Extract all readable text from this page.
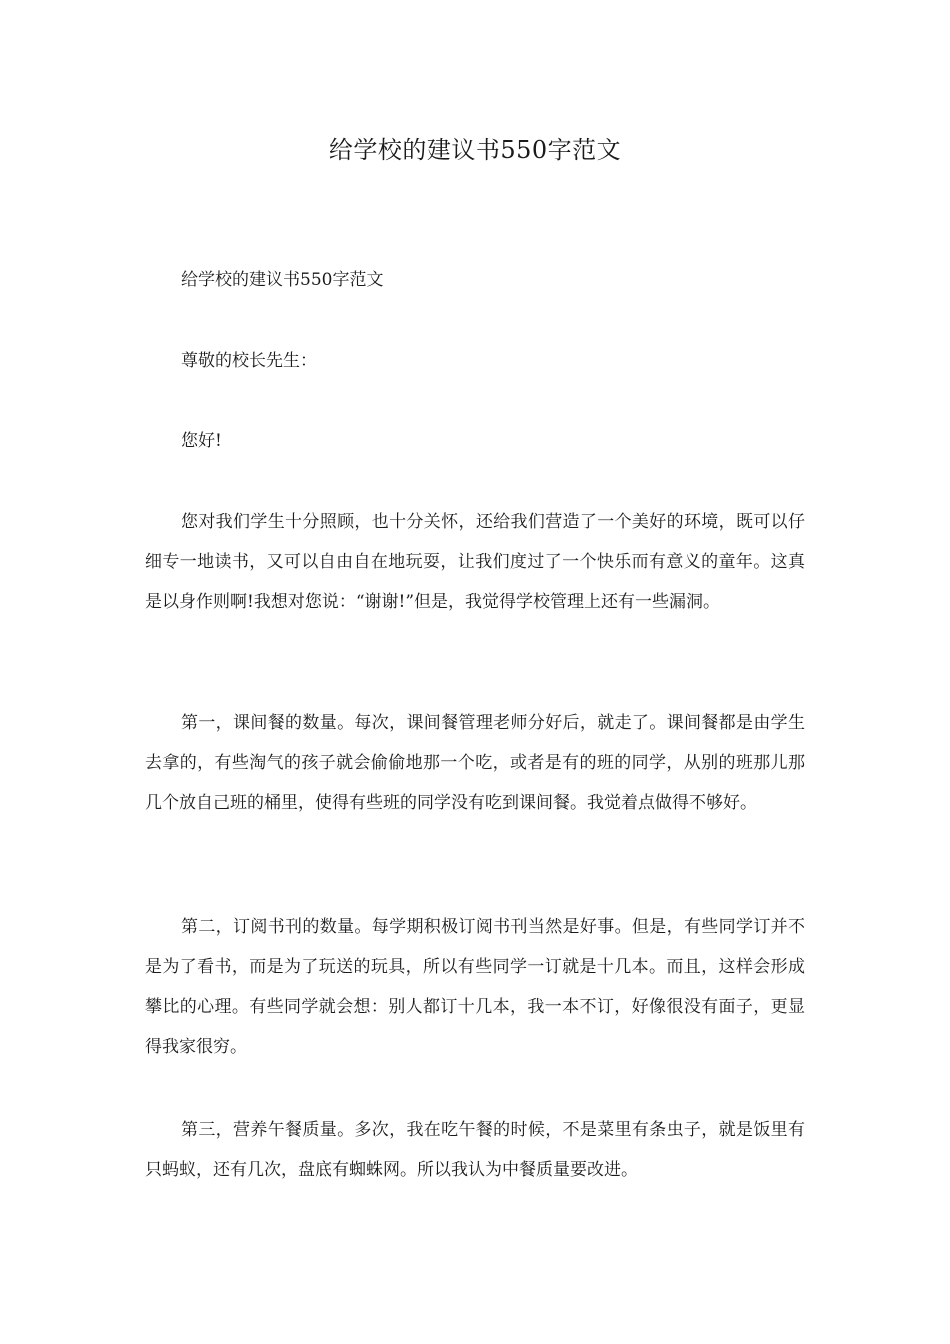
给学校的建议书550字范文

给学校的建议书550字范文

尊敬的校长先生：

您好!

您对我们学生十分照顾，也十分关怀，还给我们营造了一个美好的环境，既可以仔细专一地读书，又可以自由自在地玩耍，让我们度过了一个快乐而有意义的童年。这真是以身作则啊!我想对您说：“谢谢!”但是，我觉得学校管理上还有一些漏洞。

第一，课间餐的数量。每次，课间餐管理老师分好后，就走了。课间餐都是由学生去拿的，有些淘气的孩子就会偷偷地那一个吃，或者是有的班的同学，从别的班那儿那几个放自己班的桶里，使得有些班的同学没有吃到课间餐。我觉着点做得不够好。

第二，订阅书刊的数量。每学期积极订阅书刊当然是好事。但是，有些同学订并不是为了看书，而是为了玩送的玩具，所以有些同学一订就是十几本。而且，这样会形成攀比的心理。有些同学就会想：别人都订十几本，我一本不订，好像很没有面子，更显得我家很穷。

第三，营养午餐质量。多次，我在吃午餐的时候，不是菜里有条虫子，就是饭里有只蚂蚁，还有几次，盘底有蜘蛛网。所以我认为中餐质量要改进。
